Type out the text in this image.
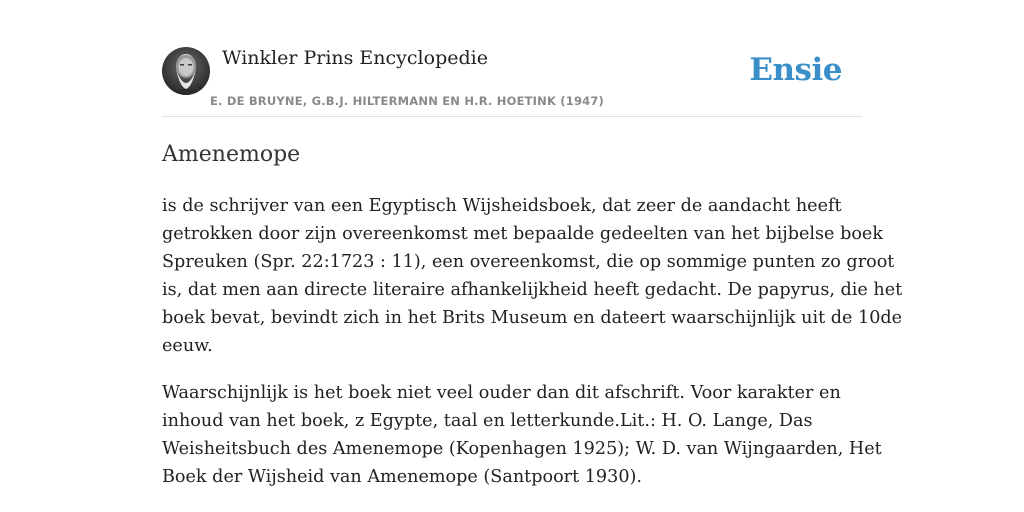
Winkler Prins Encyclopedie
E. DE BRUYNE, G.B.J. HILTERMANN EN H.R. HOETINK (1947)
Ensie
Amenemope

is de schrijver van een Egyptisch Wijsheidsboek, dat zeer de aandacht heeft
getrokken door zijn overeenkomst met bepaalde gedeelten van het bijbelse boek
Spreuken (Spr. 22:1723 : 11), een overeenkomst, die op sommige punten zo groot
is, dat men aan directe literaire afhankelijkheid heeft gedacht. De papyrus, die het
boek bevat, bevindt zich in het Brits Museum en dateert waarschijnlijk uit de 10de
eeuw.

Waarschijnlijk is het boek niet veel ouder dan dit afschrift. Voor karakter en
inhoud van het boek, z Egypte, taal en letterkunde.Lit.: H. O. Lange, Das
Weisheitsbuch des Amenemope (Kopenhagen 1925); W. D. van Wijngaarden, Het
Boek der Wijsheid van Amenemope (Santpoort 1930).
